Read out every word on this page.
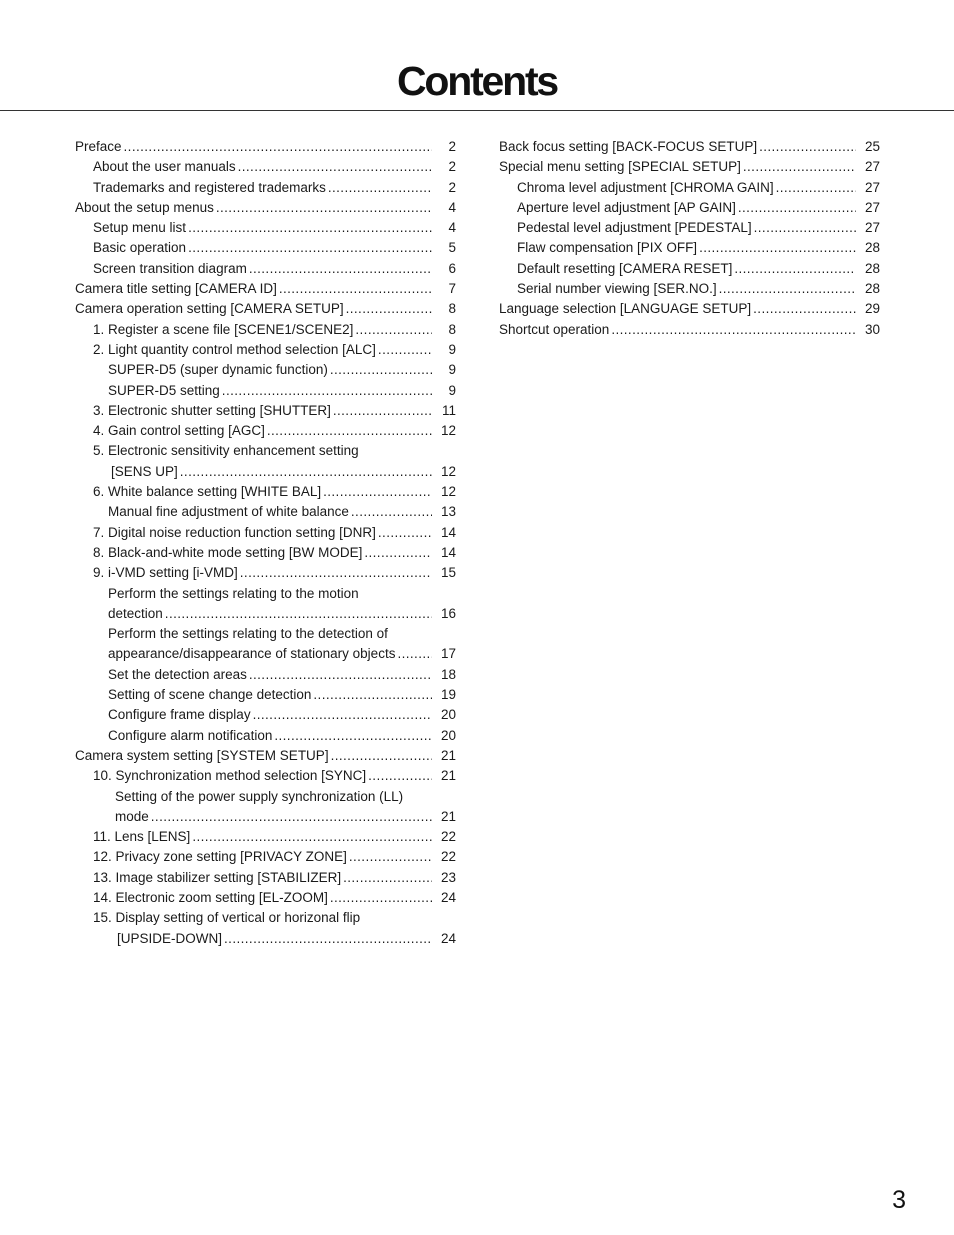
Contents
Preface .....	2
About the user manuals .....	2
Trademarks and registered trademarks .....	2
About the setup menus .....	4
Setup menu list .....	4
Basic operation .....	5
Screen transition diagram .....	6
Camera title setting [CAMERA ID] .....	7
Camera operation setting [CAMERA SETUP] .....	8
1. Register a scene file [SCENE1/SCENE2] .....	8
2. Light quantity control method selection [ALC] .....	9
SUPER-D5 (super dynamic function) .....	9
SUPER-D5 setting .....	9
3. Electronic shutter setting [SHUTTER] .....	11
4. Gain control setting [AGC] .....	12
5. Electronic sensitivity enhancement setting
[SENS UP] .....	12
6. White balance setting [WHITE BAL] .....	12
Manual fine adjustment of white balance .....	13
7. Digital noise reduction function setting [DNR] .....	14
8. Black-and-white mode setting [BW MODE] .....	14
9. i-VMD setting [i-VMD] .....	15
Perform the settings relating to the motion
detection .....	16
Perform the settings relating to the detection of
appearance/disappearance of stationary objects .....	17
Set the detection areas .....	18
Setting of scene change detection .....	19
Configure frame display .....	20
Configure alarm notification .....	20
Camera system setting [SYSTEM SETUP] .....	21
10. Synchronization method selection [SYNC] .....	21
Setting of the power supply synchronization (LL)
mode .....	21
11. Lens [LENS] .....	22
12. Privacy zone setting [PRIVACY ZONE] .....	22
13. Image stabilizer setting [STABILIZER] .....	23
14. Electronic zoom setting [EL-ZOOM] .....	24
15. Display setting of vertical or horizonal flip
[UPSIDE-DOWN] .....	24
Back focus setting [BACK-FOCUS SETUP] .....	25
Special menu setting [SPECIAL SETUP] .....	27
Chroma level adjustment [CHROMA GAIN] .....	27
Aperture level adjustment [AP GAIN] .....	27
Pedestal level adjustment [PEDESTAL] .....	27
Flaw compensation [PIX OFF] .....	28
Default resetting [CAMERA RESET] .....	28
Serial number viewing [SER.NO.] .....	28
Language selection [LANGUAGE SETUP] .....	29
Shortcut operation .....	30
3
